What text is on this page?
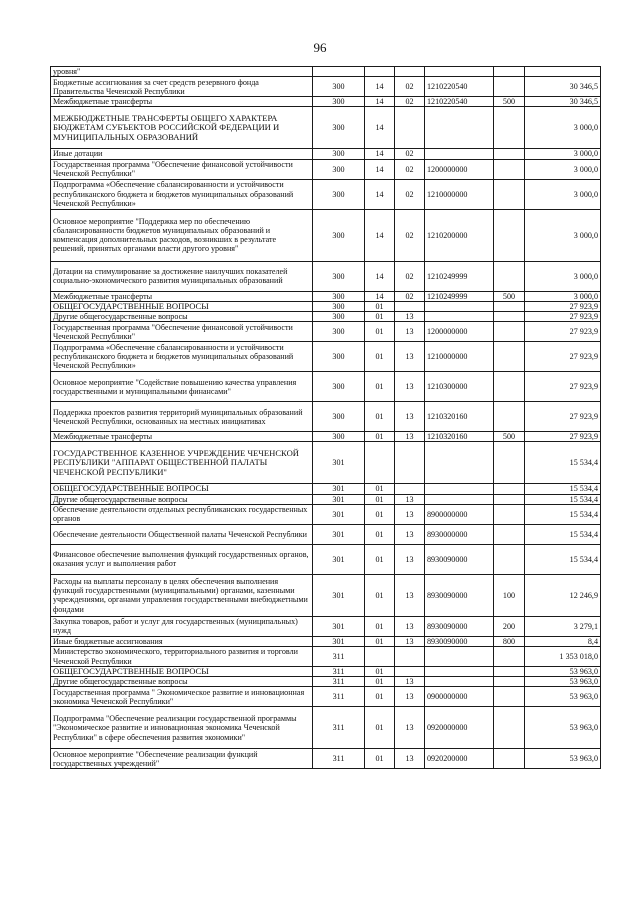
96
уровня"						
Бюджетные ассигнования за счет средств резервного фонда Правительства Чеченской Республики	300	14	02	1210220540		30 346,5
Межбюджетные трансферты	300	14	02	1210220540	500	30 346,5
МЕЖБЮДЖЕТНЫЕ ТРАНСФЕРТЫ ОБЩЕГО ХАРАКТЕРА БЮДЖЕТАМ СУБЪЕКТОВ РОССИЙСКОЙ ФЕДЕРАЦИИ И МУНИЦИПАЛЬНЫХ ОБРАЗОВАНИЙ	300	14				3 000,0
Иные дотации	300	14	02			3 000,0
Государственная программа "Обеспечение финансовой устойчивости Чеченской Республики"	300	14	02	1200000000		3 000,0
Подпрограмма «Обеспечение сбалансированности и устойчивости республиканского бюджета и бюджетов муниципальных образований Чеченской Республики»	300	14	02	1210000000		3 000,0
Основное мероприятие "Поддержка мер по обеспечению сбалансированности бюджетов муниципальных образований и компенсация дополнительных расходов, возникших в результате решений, принятых органами власти другого уровня"	300	14	02	1210200000		3 000,0
Дотации на стимулирование за достижение наилучших показателей социально-экономического развития муниципальных образований	300	14	02	1210249999		3 000,0
Межбюджетные трансферты	300	14	02	1210249999	500	3 000,0
ОБЩЕГОСУДАРСТВЕННЫЕ ВОПРОСЫ	300	01				27 923,9
Другие общегосударственные вопросы	300	01	13			27 923,9
Государственная программа "Обеспечение финансовой устойчивости Чеченской Республики"	300	01	13	1200000000		27 923,9
Подпрограмма «Обеспечение сбалансированности и устойчивости республиканского бюджета и бюджетов муниципальных образований Чеченской Республики»	300	01	13	1210000000		27 923,9
Основное мероприятие "Содействие повышению качества управления государственными и муниципальными финансами"	300	01	13	1210300000		27 923,9
Поддержка проектов развития территорий муниципальных образований Чеченской Республики, основанных на местных инициативах	300	01	13	1210320160		27 923,9
Межбюджетные трансферты	300	01	13	1210320160	500	27 923,9
ГОСУДАРСТВЕННОЕ КАЗЕННОЕ УЧРЕЖДЕНИЕ ЧЕЧЕНСКОЙ РЕСПУБЛИКИ "АППАРАТ ОБЩЕСТВЕННОЙ ПАЛАТЫ ЧЕЧЕНСКОЙ РЕСПУБЛИКИ"	301					15 534,4
ОБЩЕГОСУДАРСТВЕННЫЕ ВОПРОСЫ	301	01				15 534,4
Другие общегосударственные вопросы	301	01	13			15 534,4
Обеспечение деятельности отдельных республиканских государственных органов	301	01	13	8900000000		15 534,4
Обеспечение деятельности Общественной палаты Чеченской Республики	301	01	13	8930000000		15 534,4
Финансовое обеспечение выполнения функций государственных органов, оказания услуг и выполнения работ	301	01	13	8930090000		15 534,4
Расходы на выплаты персоналу в целях обеспечения выполнения функций государственными (муниципальными) органами, казенными учреждениями, органами управления государственными внебюджетными фондами	301	01	13	8930090000	100	12 246,9
Закупка товаров, работ и услуг для государственных (муниципальных) нужд	301	01	13	8930090000	200	3 279,1
Иные бюджетные ассигнования	301	01	13	8930090000	800	8,4
Министерство экономического, территориального развития и торговли Чеченской Республики	311					1 353 018,0
ОБЩЕГОСУДАРСТВЕННЫЕ ВОПРОСЫ	311	01				53 963,0
Другие общегосударственные вопросы	311	01	13			53 963,0
Государственная программа " Экономическое развитие и инновационная экономика Чеченской Республики"	311	01	13	0900000000		53 963,0
Подпрограмма "Обеспечение реализации государственной программы "Экономическое развитие и инновационная экономика Чеченской Республики" в сфере обеспечения развития экономики"	311	01	13	0920000000		53 963,0
Основное мероприятие "Обеспечение реализации функций государственных учреждений"	311	01	13	0920200000		53 963,0
